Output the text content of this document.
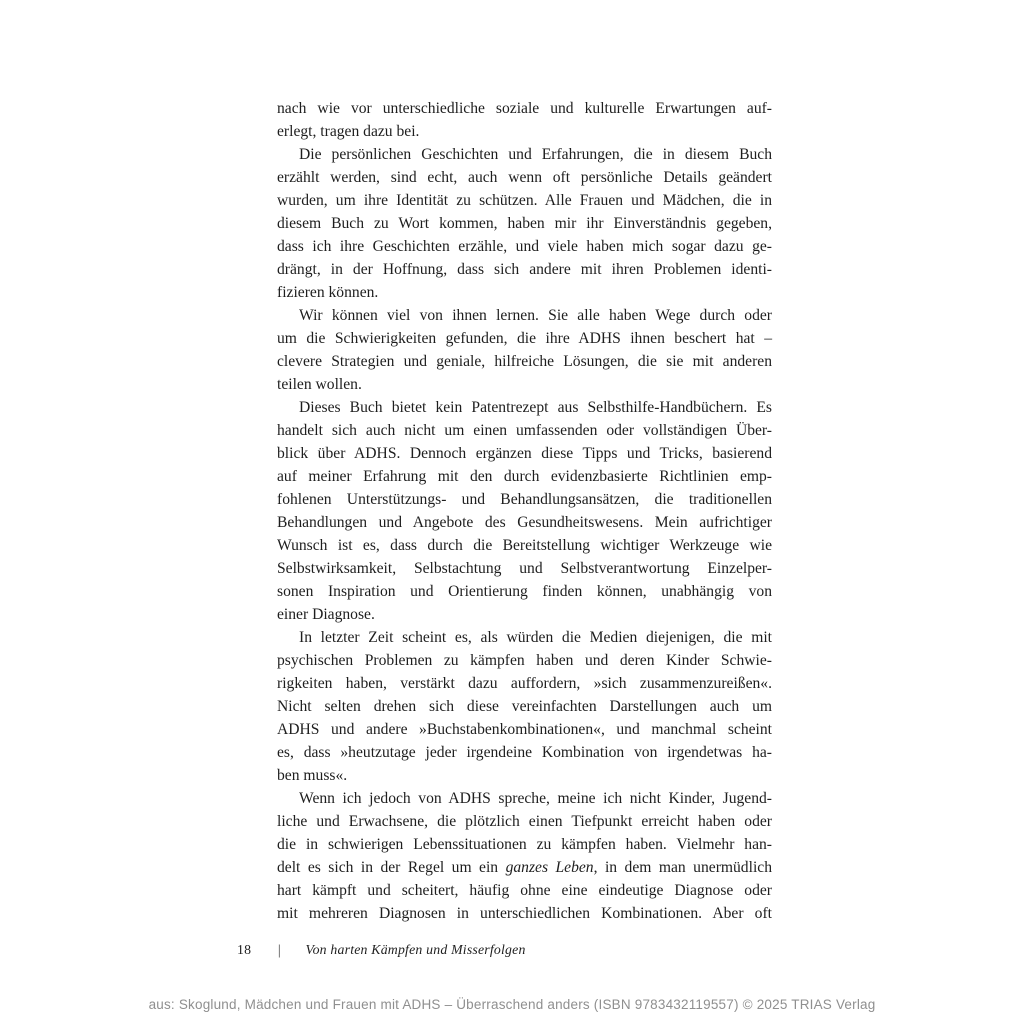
nach wie vor unterschiedliche soziale und kulturelle Erwartungen auf-
erlegt, tragen dazu bei.
Die persönlichen Geschichten und Erfahrungen, die in diesem Buch
erzählt werden, sind echt, auch wenn oft persönliche Details geändert
wurden, um ihre Identität zu schützen. Alle Frauen und Mädchen, die in
diesem Buch zu Wort kommen, haben mir ihr Einverständnis gegeben,
dass ich ihre Geschichten erzähle, und viele haben mich sogar dazu ge-
drängt, in der Hoffnung, dass sich andere mit ihren Problemen identi-
fizieren können.
Wir können viel von ihnen lernen. Sie alle haben Wege durch oder
um die Schwierigkeiten gefunden, die ihre ADHS ihnen beschert hat –
clevere Strategien und geniale, hilfreiche Lösungen, die sie mit anderen
teilen wollen.
Dieses Buch bietet kein Patentrezept aus Selbsthilfe-Handbüchern. Es
handelt sich auch nicht um einen umfassenden oder vollständigen Über-
blick über ADHS. Dennoch ergänzen diese Tipps und Tricks, basierend
auf meiner Erfahrung mit den durch evidenzbasierte Richtlinien emp-
fohlenen Unterstützungs- und Behandlungsansätzen, die traditionellen
Behandlungen und Angebote des Gesundheitswesens. Mein aufrichtiger
Wunsch ist es, dass durch die Bereitstellung wichtiger Werkzeuge wie
Selbstwirksamkeit, Selbstachtung und Selbstverantwortung Einzelper-
sonen Inspiration und Orientierung finden können, unabhängig von
einer Diagnose.
In letzter Zeit scheint es, als würden die Medien diejenigen, die mit
psychischen Problemen zu kämpfen haben und deren Kinder Schwie-
rigkeiten haben, verstärkt dazu auffordern, »sich zusammenzureißen«.
Nicht selten drehen sich diese vereinfachten Darstellungen auch um
ADHS und andere »Buchstabenkombinationen«, und manchmal scheint
es, dass »heutzutage jeder irgendeine Kombination von irgendetwas ha-
ben muss«.
Wenn ich jedoch von ADHS spreche, meine ich nicht Kinder, Jugend-
liche und Erwachsene, die plötzlich einen Tiefpunkt erreicht haben oder
die in schwierigen Lebenssituationen zu kämpfen haben. Vielmehr han-
delt es sich in der Regel um ein ganzes Leben, in dem man unermüdlich
hart kämpft und scheitert, häufig ohne eine eindeutige Diagnose oder
mit mehreren Diagnosen in unterschiedlichen Kombinationen. Aber oft
18 | Von harten Kämpfen und Misserfolgen
aus: Skoglund, Mädchen und Frauen mit ADHS – Überraschend anders (ISBN 9783432119557) © 2025 TRIAS Verlag
